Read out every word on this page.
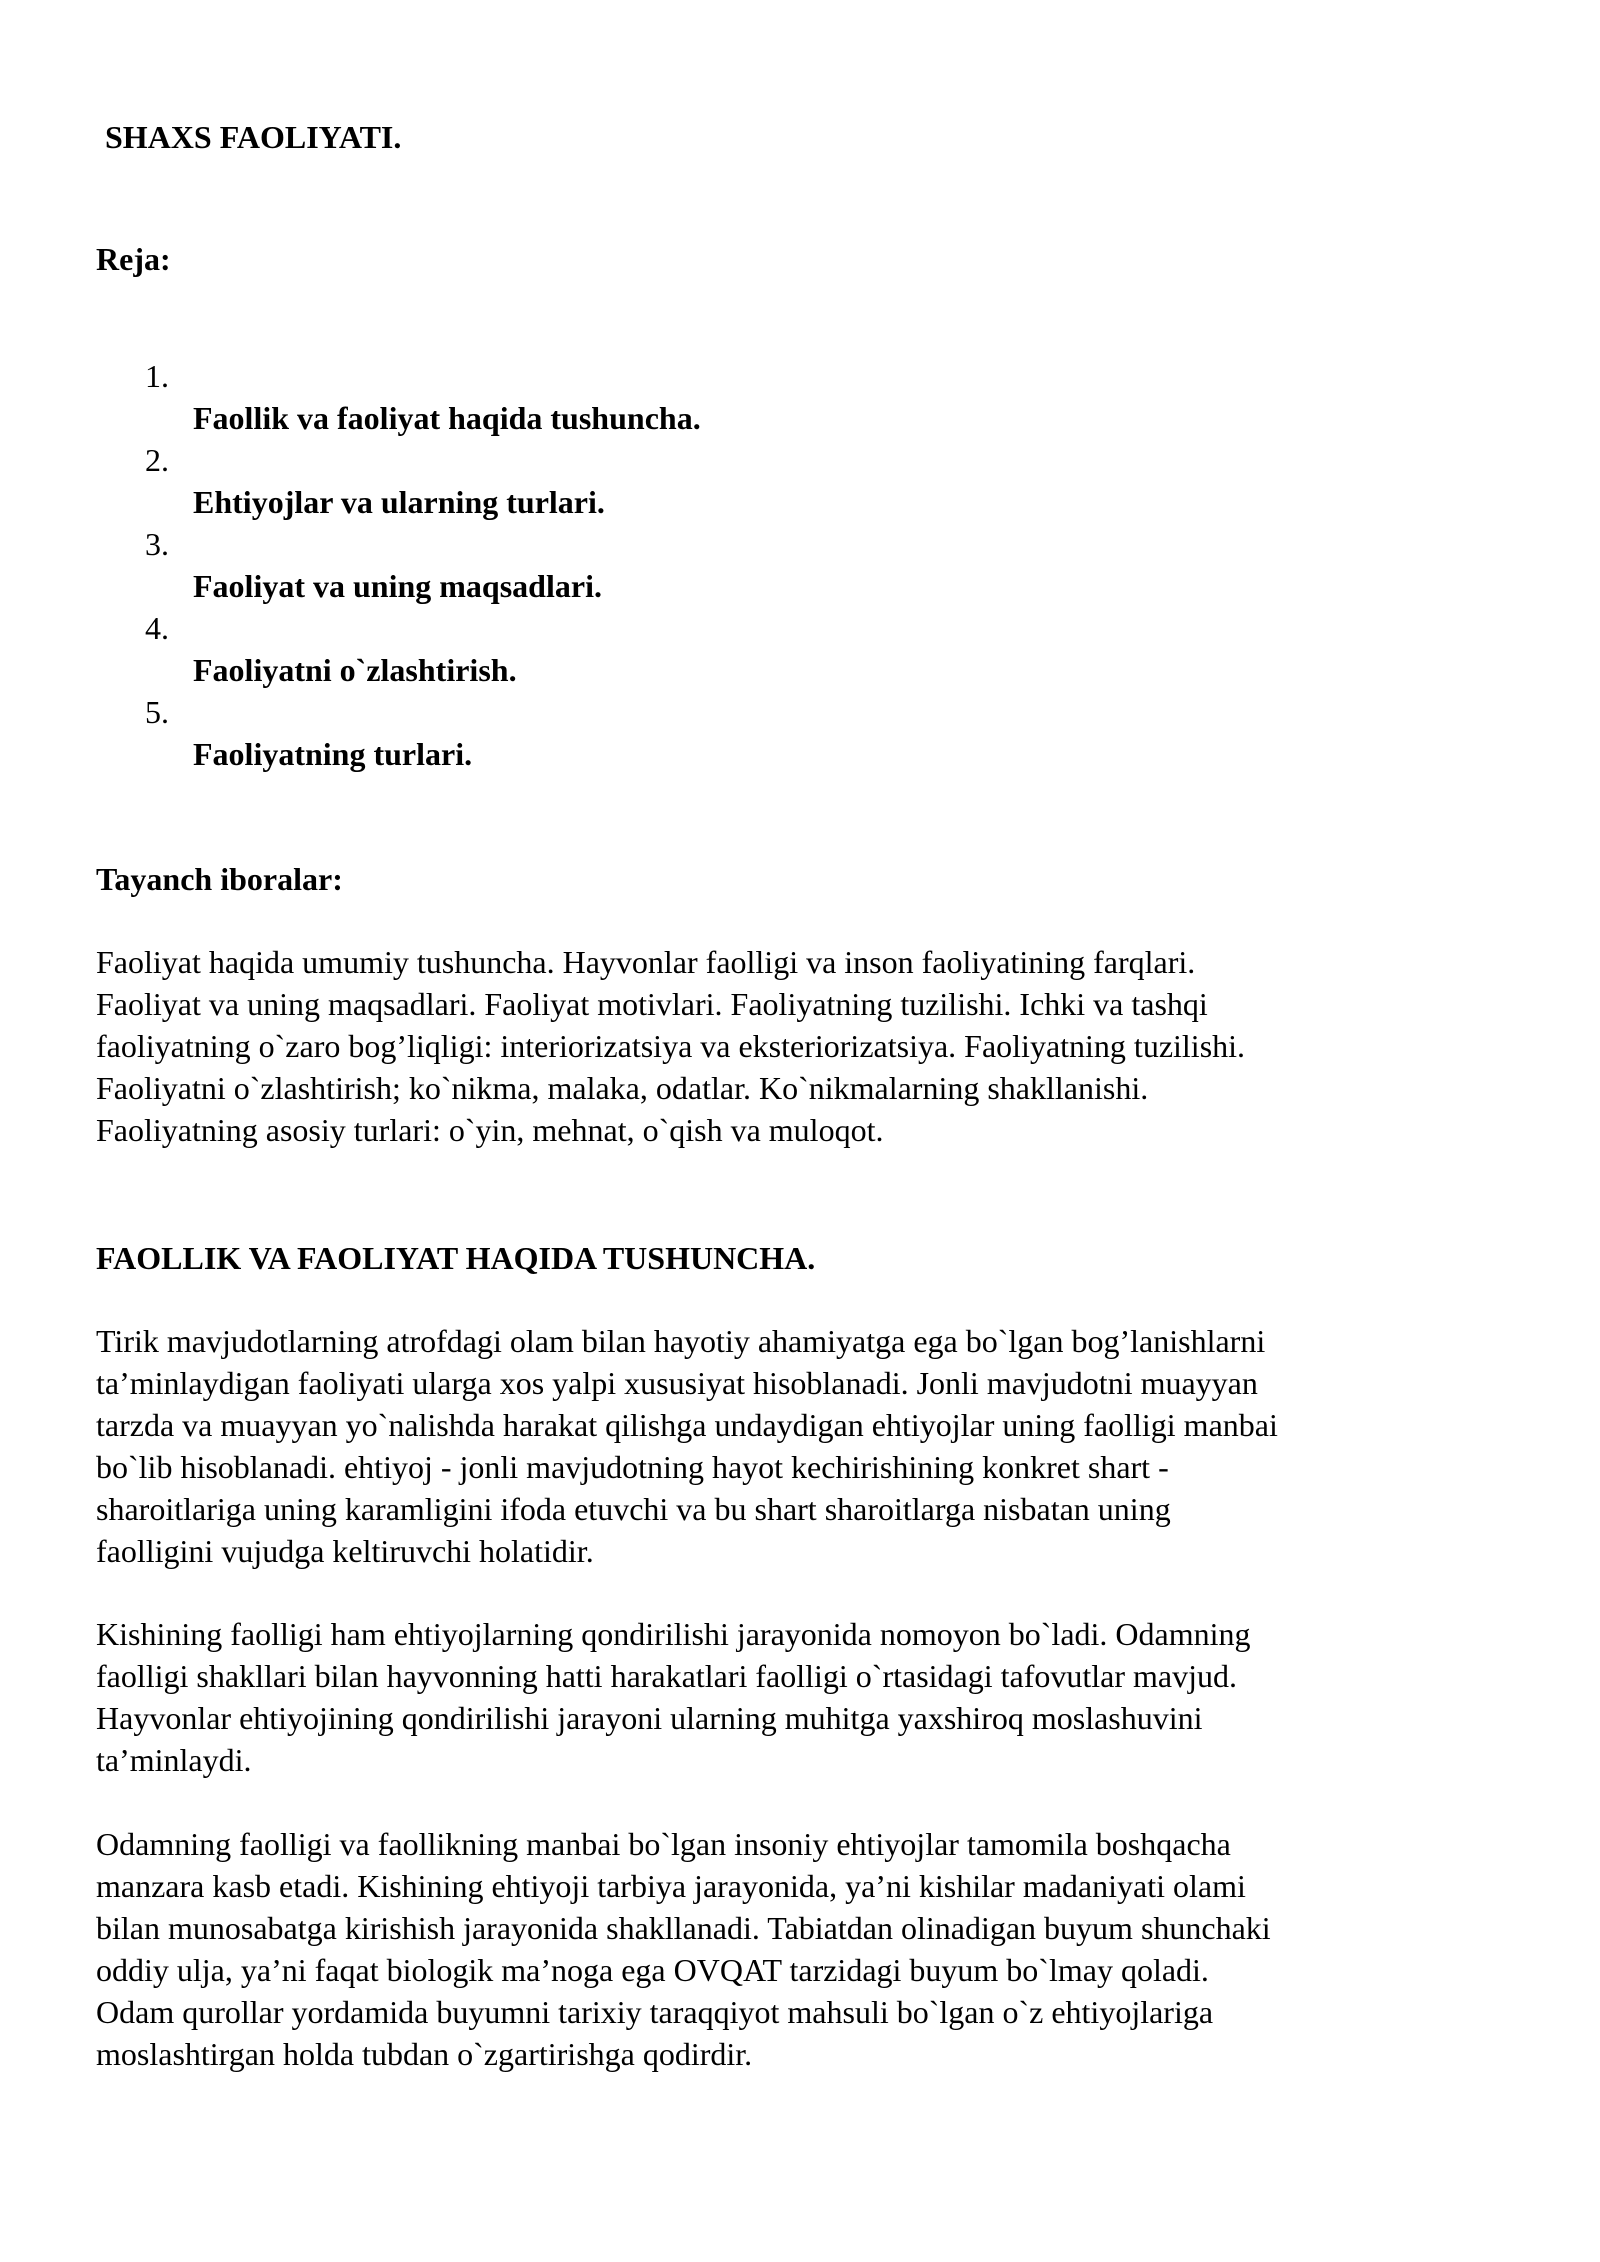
SHAXS FAOLIYATI.
Reja:
1.
Faollik va faoliyat haqida tushuncha.
2.
Ehtiyojlar va ularning turlari.
3.
Faoliyat va uning maqsadlari.
4.
Faoliyatni o`zlashtirish.
5.
Faoliyatning turlari.
Tayanch iboralar:

Faoliyat haqida umumiy tushuncha. Hayvonlar faolligi va inson faoliyatining farqlari.
Faoliyat va uning maqsadlari. Faoliyat motivlari. Faoliyatning tuzilishi. Ichki va tashqi
faoliyatning o`zaro bog’liqligi: interiorizatsiya va eksteriorizatsiya. Faoliyatning tuzilishi.
Faoliyatni o`zlashtirish; ko`nikma, malaka, odatlar. Ko`nikmalarning shakllanishi.
Faoliyatning asosiy turlari: o`yin, mehnat, o`qish va muloqot.

FAOLLIK VA FAOLIYAT HAQIDA TUSHUNCHA.

Tirik mavjudotlarning atrofdagi olam bilan hayotiy ahamiyatga ega bo`lgan bog’lanishlarni
ta’minlaydigan faoliyati ularga xos yalpi xususiyat hisoblanadi. Jonli mavjudotni muayyan
tarzda va muayyan yo`nalishda harakat qilishga undaydigan ehtiyojlar uning faolligi manbai
bo`lib hisoblanadi. ehtiyoj - jonli mavjudotning hayot kechirishining konkret shart -
sharoitlariga uning karamligini ifoda etuvchi va bu shart sharoitlarga nisbatan uning
faolligini vujudga keltiruvchi holatidir.

Kishining faolligi ham ehtiyojlarning qondirilishi jarayonida nomoyon bo`ladi. Odamning
faolligi shakllari bilan hayvonning hatti harakatlari faolligi o`rtasidagi tafovutlar mavjud.
Hayvonlar ehtiyojining qondirilishi jarayoni ularning muhitga yaxshiroq moslashuvini
ta’minlaydi.

Odamning faolligi va faollikning manbai bo`lgan insoniy ehtiyojlar tamomila boshqacha
manzara kasb etadi. Kishining ehtiyoji tarbiya jarayonida, ya’ni kishilar madaniyati olami
bilan munosabatga kirishish jarayonida shakllanadi. Tabiatdan olinadigan buyum shunchaki
oddiy ulja, ya’ni faqat biologik ma’noga ega OVQAT tarzidagi buyum bo`lmay qoladi.
Odam qurollar yordamida buyumni tarixiy taraqqiyot mahsuli bo`lgan o`z ehtiyojlariga
moslashtirgan holda tubdan o`zgartirishga qodirdir.
